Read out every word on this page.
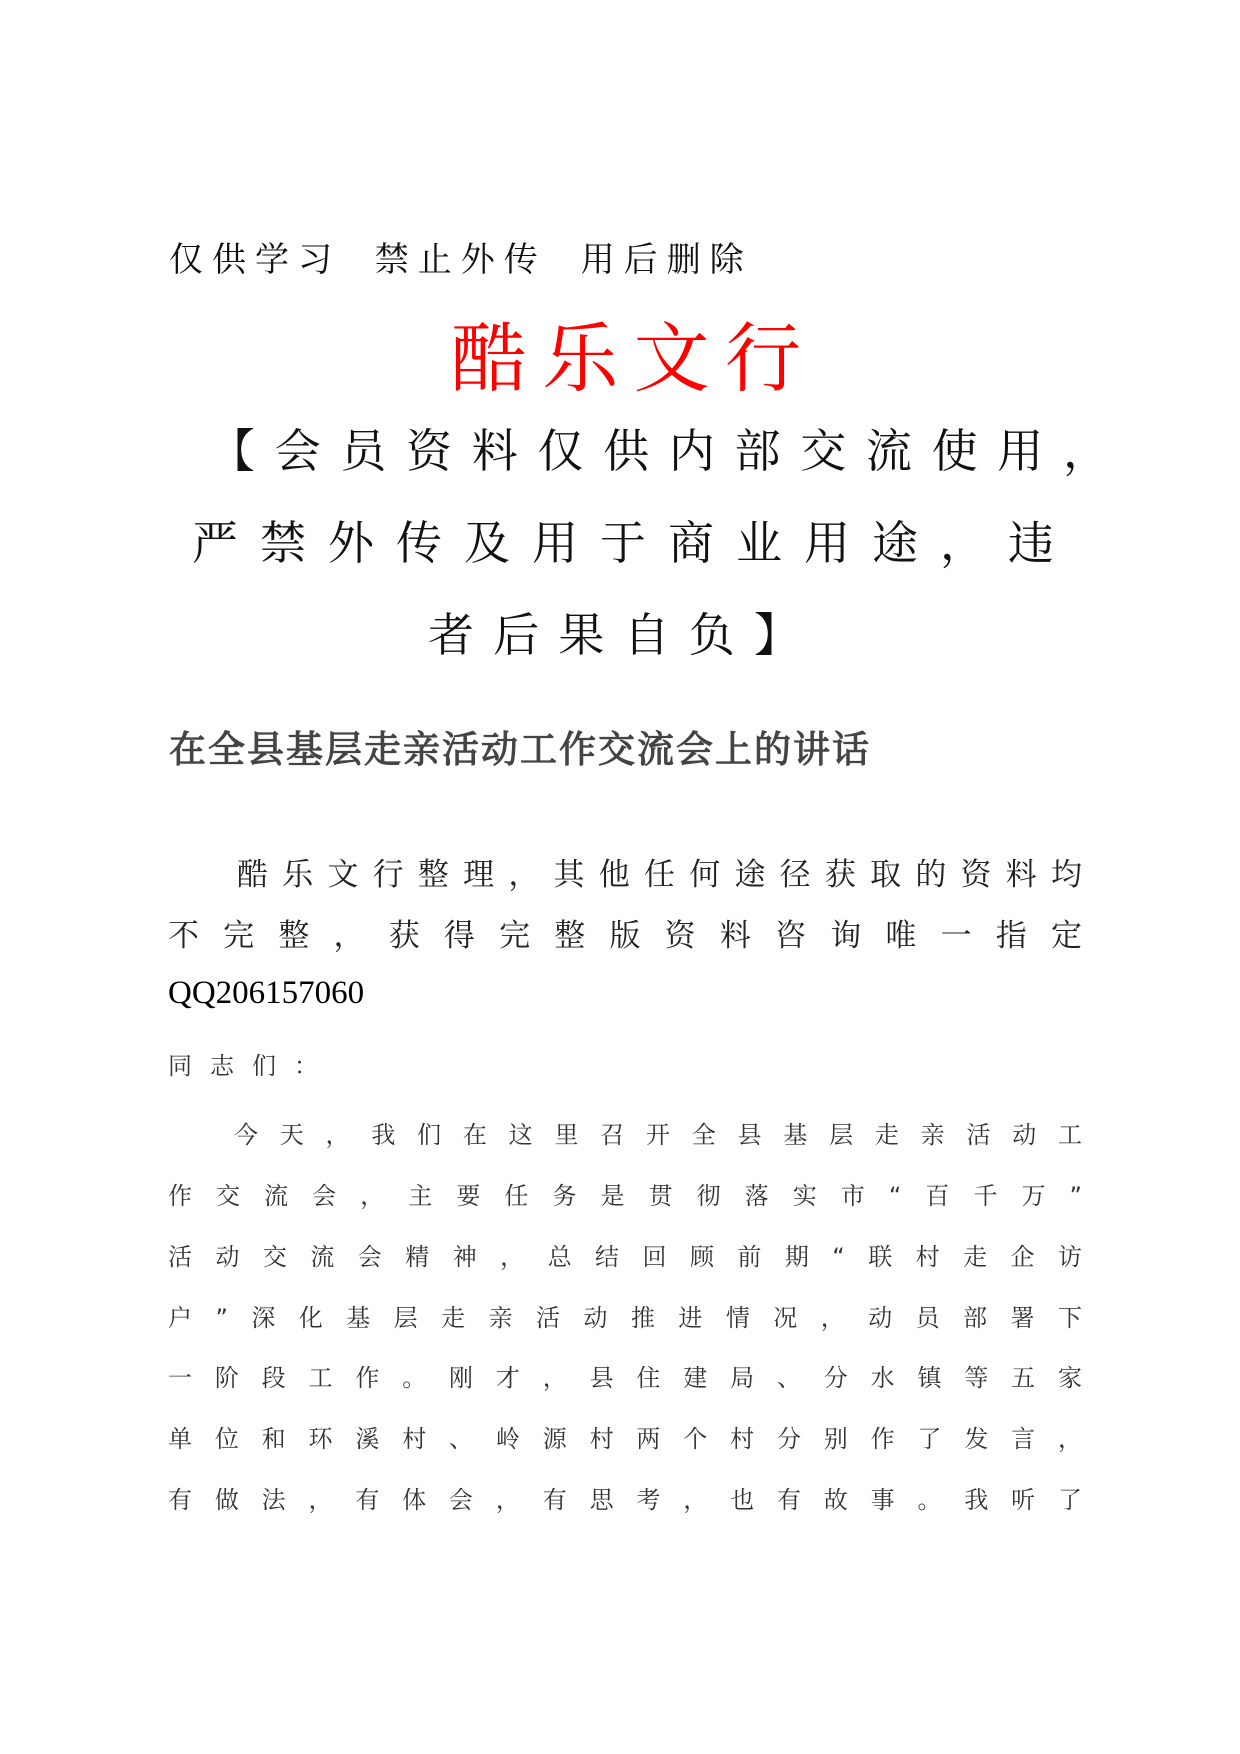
仅供学习 禁止外传 用后删除
酷乐文行
【会员资料仅供内部交流使用，
严禁外传及用于商业用途，违
者后果自负】
在全县基层走亲活动工作交流会上的讲话
酷乐文行整理，其他任何途径获取的资料均
不完整，获得完整版资料咨询唯一指定
QQ206157060
同志们：
今天，我们在这里召开全县基层走亲活动工
作交流会，主要任务是贯彻落实市“百千万”
活动交流会精神，总结回顾前期“联村走企访
户”深化基层走亲活动推进情况，动员部署下
一阶段工作。刚才，县住建局、分水镇等五家
单位和环溪村、岭源村两个村分别作了发言，
有做法，有体会，有思考，也有故事。我听了
